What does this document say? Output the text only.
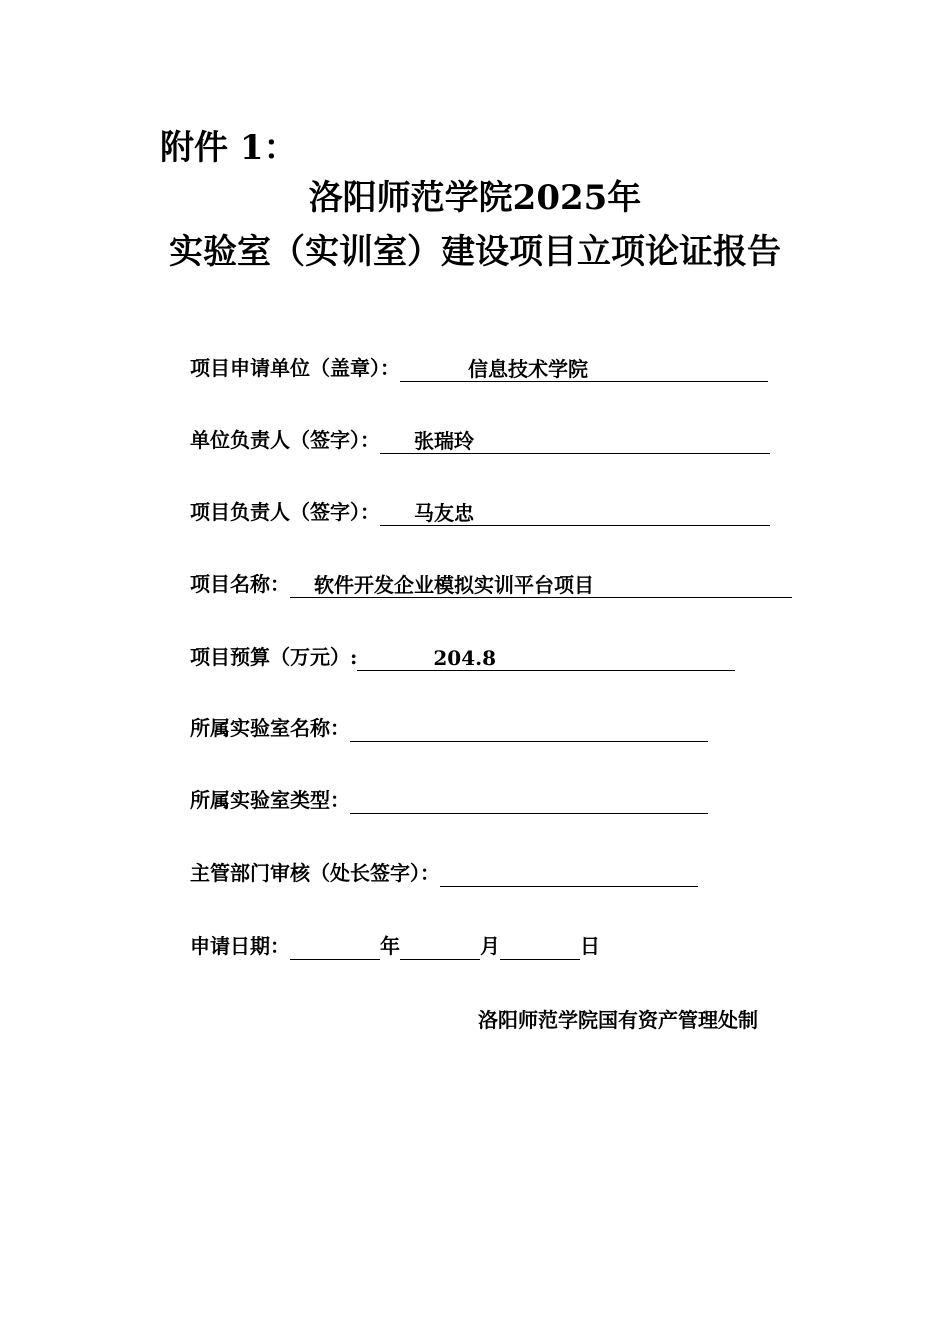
附件 1：
洛阳师范学院2025年
实验室（实训室）建设项目立项论证报告
项目申请单位（盖章）：	信息技术学院
单位负责人（签字）：	张瑞玲
项目负责人（签字）：	马友忠
项目名称：	软件开发企业模拟实训平台项目
项目预算（万元）:	204.8
所属实验室名称：
所属实验室类型：
主管部门审核（处长签字）：
申请日期：	年	月	日
洛阳师范学院国有资产管理处制
